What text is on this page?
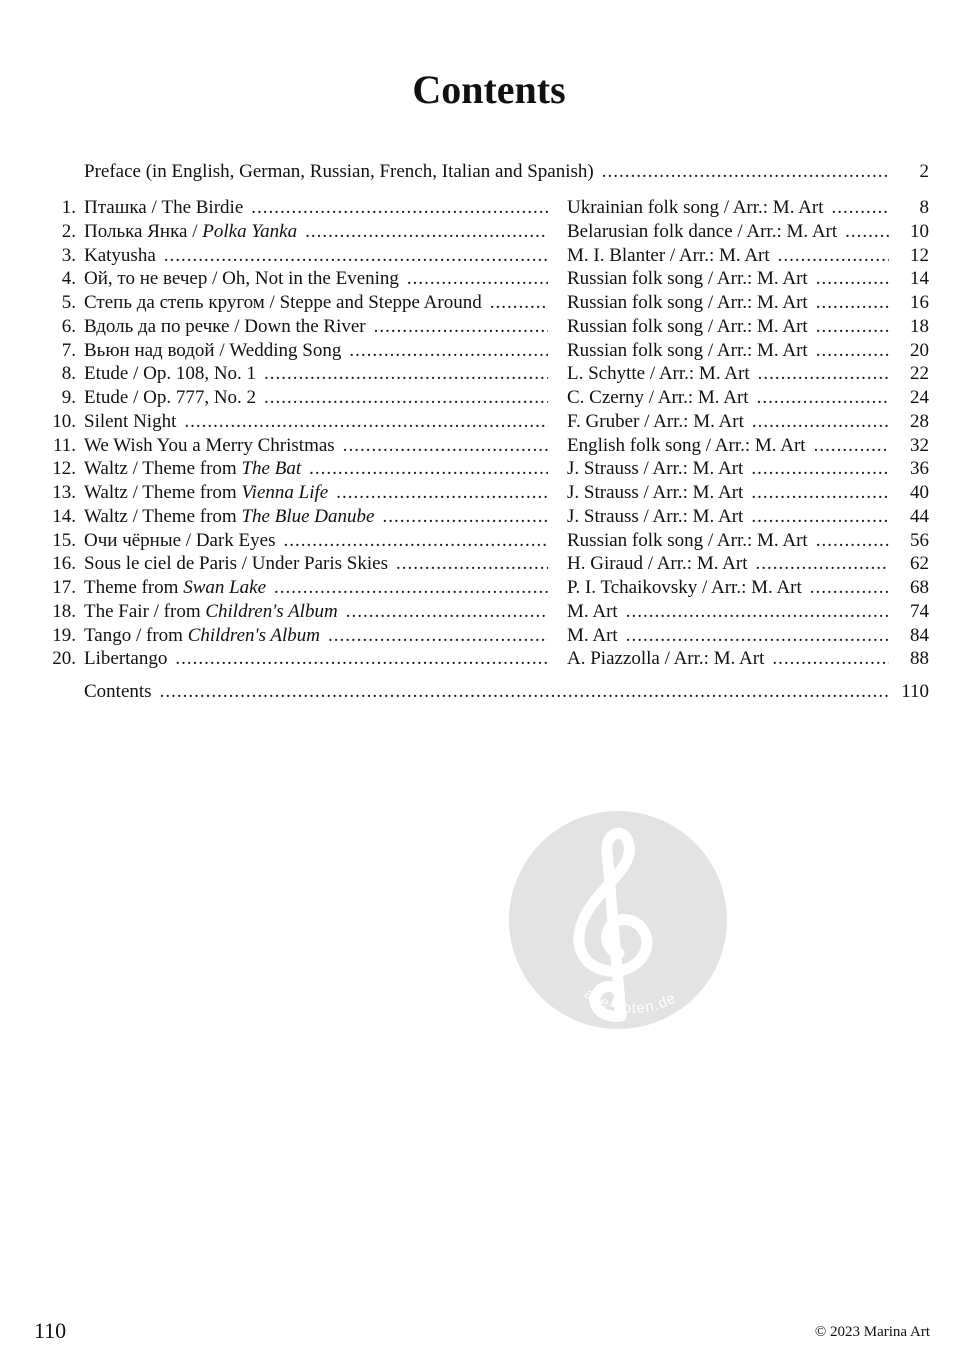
Contents
Preface (in English, German, Russian, French, Italian and Spanish) .....	2
1. Пташка / The Birdie .....	Ukrainian folk song / Arr.: M. Art .....	8
2. Полька Янка / Polka Yanka .....	Belarusian folk dance / Arr.: M. Art .....	10
3. Katyusha .....	M. I. Blanter / Arr.: M. Art .....	12
4. Ой, то не вечер / Oh, Not in the Evening .....	Russian folk song / Arr.: M. Art .....	14
5. Степь да степь кругом / Steppe and Steppe Around .....	Russian folk song / Arr.: M. Art .....	16
6. Вдоль да по речке / Down the River .....	Russian folk song / Arr.: M. Art .....	18
7. Вьюн над водой / Wedding Song .....	Russian folk song / Arr.: M. Art .....	20
8. Etude / Op. 108, No. 1 .....	L. Schytte / Arr.: M. Art .....	22
9. Etude / Op. 777, No. 2 .....	C. Czerny / Arr.: M. Art .....	24
10. Silent Night .....	F. Gruber / Arr.: M. Art .....	28
11. We Wish You a Merry Christmas .....	English folk song / Arr.: M. Art .....	32
12. Waltz / Theme from The Bat .....	J. Strauss / Arr.: M. Art .....	36
13. Waltz / Theme from Vienna Life .....	J. Strauss / Arr.: M. Art .....	40
14. Waltz / Theme from The Blue Danube .....	J. Strauss / Arr.: M. Art .....	44
15. Очи чёрные / Dark Eyes .....	Russian folk song / Arr.: M. Art .....	56
16. Sous le ciel de Paris / Under Paris Skies .....	H. Giraud / Arr.: M. Art .....	62
17. Theme from Swan Lake .....	P. I. Tchaikovsky / Arr.: M. Art .....	68
18. The Fair / from Children's Album .....	M. Art .....	74
19. Tango / from Children's Album .....	M. Art .....	84
20. Libertango .....	A. Piazzolla / Arr.: M. Art .....	88
Contents .....	110
alle-noten.de
110	© 2023 Marina Art
